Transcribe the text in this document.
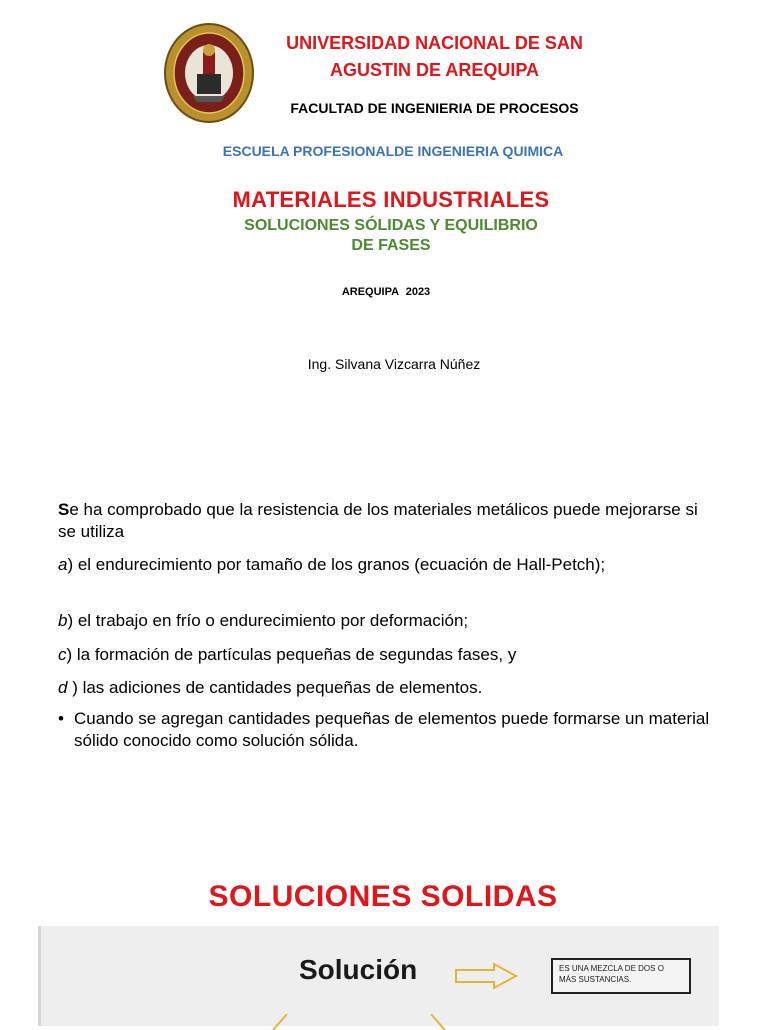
UNIVERSIDAD NACIONAL DE SAN
AGUSTIN DE AREQUIPA
FACULTAD DE INGENIERIA DE PROCESOS
ESCUELA PROFESIONALDE INGENIERIA QUIMICA
MATERIALES INDUSTRIALES
SOLUCIONES SÓLIDAS Y EQUILIBRIO
DE FASES
AREQUIPA 2023
Ing. Silvana Vizcarra Núñez
Se ha comprobado que la resistencia de los materiales metálicos puede mejorarse si se utiliza
a) el endurecimiento por tamaño de los granos (ecuación de Hall-Petch);
b) el trabajo en frío o endurecimiento por deformación;
c) la formación de partículas pequeñas de segundas fases, y
d ) las adiciones de cantidades pequeñas de elementos.
• Cuando se agregan cantidades pequeñas de elementos puede formarse un material sólido conocido como solución sólida.
SOLUCIONES SOLIDAS
Solución	ES UNA MEZCLA DE DOS O MÁS SUSTANCIAS.
